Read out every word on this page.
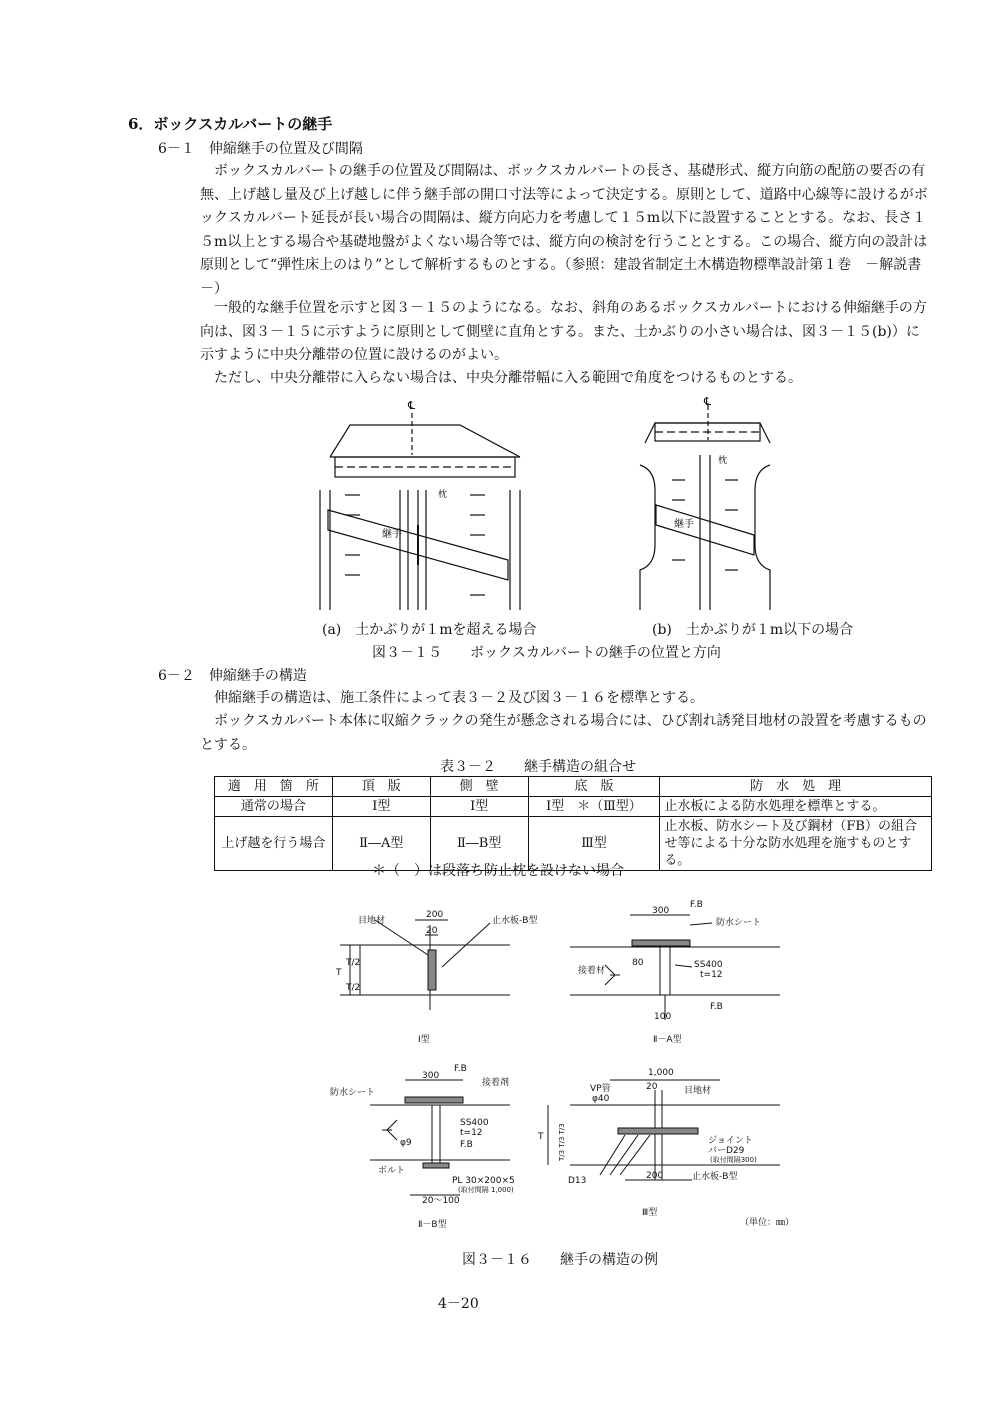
6．ボックスカルバートの継手
6－１　伸縮継手の位置及び間隔
ボックスカルバートの継手の位置及び間隔は、ボックスカルバートの長さ、基礎形式、縦方向筋の配筋の要否の有無、上げ越し量及び上げ越しに伴う継手部の開口寸法等によって決定する。原則として、道路中心線等に設けるがボックスカルバート延長が長い場合の間隔は、縦方向応力を考慮して１５m以下に設置することとする。なお、長さ１５m以上とする場合や基礎地盤がよくない場合等では、縦方向の検討を行うこととする。この場合、縦方向の設計は原則として“弾性床上のはり”として解析するものとする。（参照：建設省制定土木構造物標準設計第１巻　－解説書－）
一般的な継手位置を示すと図３－１５のようになる。なお、斜角のあるボックスカルバートにおける伸縮継手の方向は、図３－１５に示すように原則として側壁に直角とする。また、土かぶりの小さい場合は、図３－１５(b)）に示すように中央分離帯の位置に設けるのがよい。
ただし、中央分離帯に入らない場合は、中央分離帯幅に入る範囲で角度をつけるものとする。
℄
枕
継手
℄
枕
継手
(a)　土かぶりが１mを超える場合	(b)　土かぶりが１m以下の場合
図３－１５　　ボックスカルバートの継手の位置と方向
6－２　伸縮継手の構造
伸縮継手の構造は、施工条件によって表３－２及び図３－１６を標準とする。
ボックスカルバート本体に収縮クラックの発生が懸念される場合には、ひび割れ誘発目地材の設置を考慮するものとする。
表３－２　　継手構造の組合せ
適　用　箇　所	頂　版	側　壁	底　版	防　水　処　理
通常の場合	Ⅰ型	Ⅰ型	Ⅰ型　＊（Ⅲ型）	止水板による防水処理を標準とする。
上げ越を行う場合	Ⅱ―A型	Ⅱ―B型	Ⅲ型	止水板、防水シート及び鋼材（FB）の組合せ等による十分な防水処理を施すものとする。
＊（　）は段落ち防止枕を設けない場合
目地材
200
20
止水板-B型
T
T/2
T/2
Ⅰ型
F.B
300
防水シート
接着材
80	SS400
t=12
F.B
100
Ⅱ－A型
F.B
300
接着剤
防水シート
SS400
t=12
φ9	F.B
ボルト
PL 30×200×5
(取付間隔 1,000)
20～100
Ⅱ－B型
1,000
VP管
φ40
20	目地材
T T/3 T/3 T/3	ジョイント
バーD29
(取付間隔300)
D13	200	止水板-B型
Ⅲ型
（単位：㎜）
図３－１６　　継手の構造の例
4－20
